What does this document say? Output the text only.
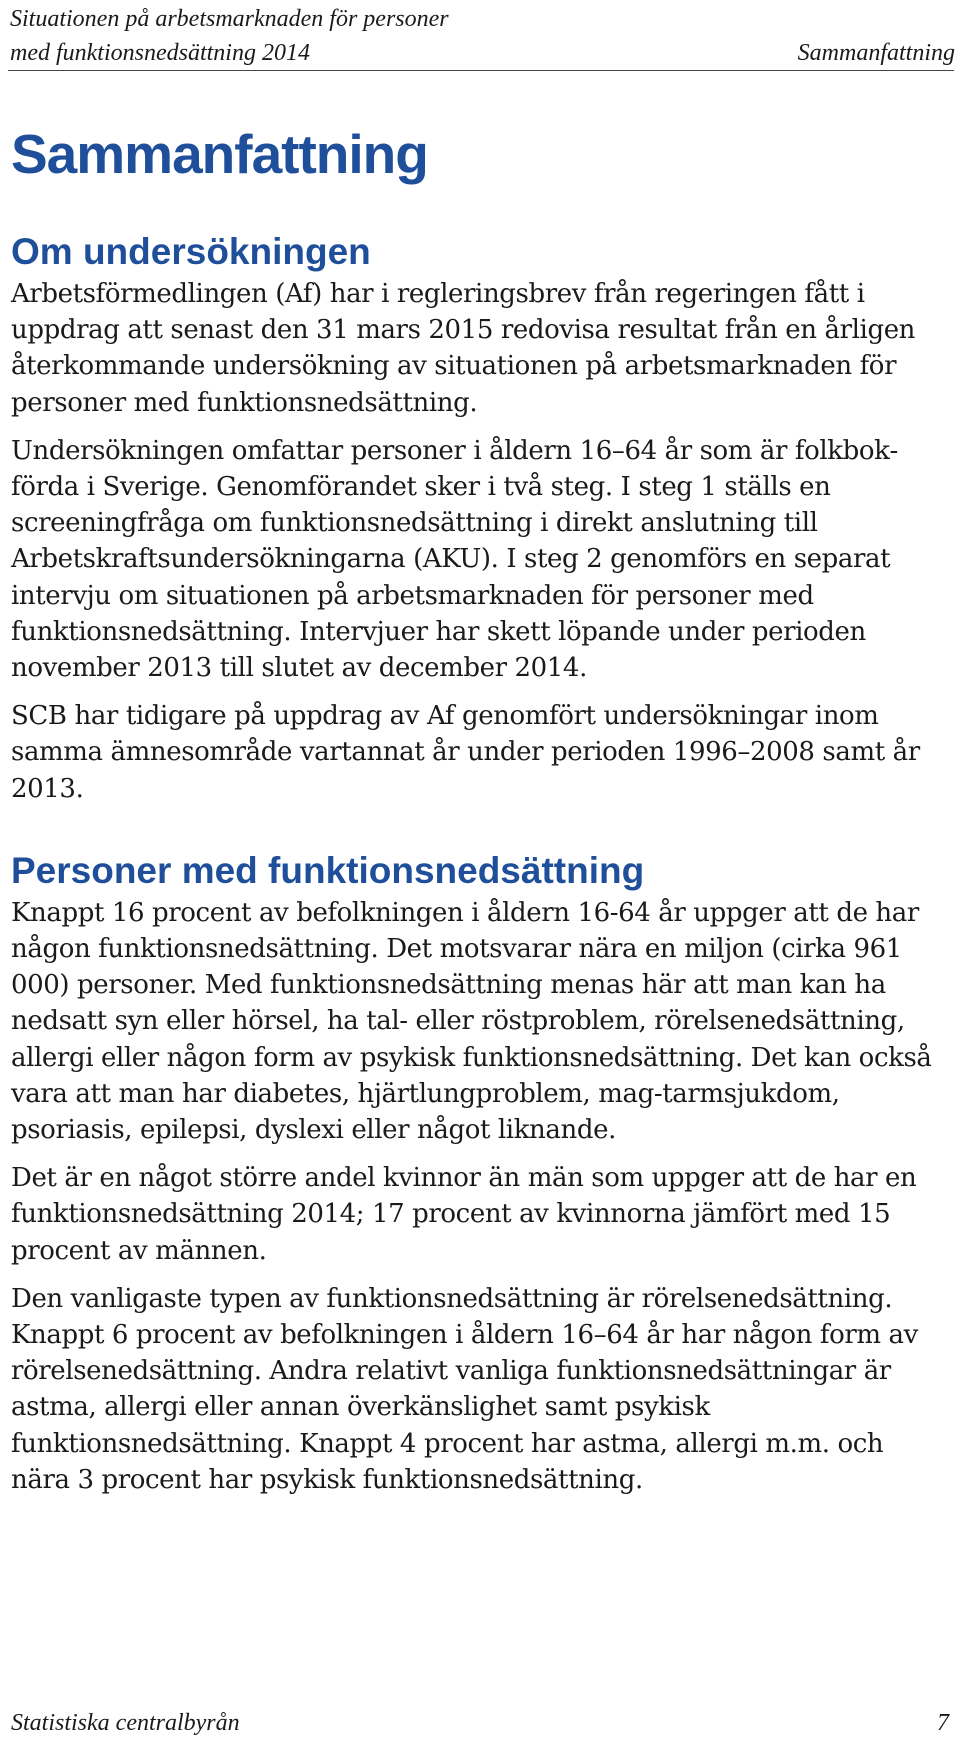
Situationen på arbetsmarknaden för personer
med funktionsnedsättning 2014	Sammanfattning
Sammanfattning
Om undersökningen

Arbetsförmedlingen (Af) har i regleringsbrev från regeringen fått i uppdrag att senast den 31 mars 2015 redovisa resultat från en årligen återkommande undersökning av situationen på arbetsmarknaden för personer med funktionsnedsättning.

Undersökningen omfattar personer i åldern 16–64 år som är folkbokförda i Sverige. Genomförandet sker i två steg. I steg 1 ställs en screeningfråga om funktionsnedsättning i direkt anslutning till Arbetskraftsundersökningarna (AKU). I steg 2 genomförs en separat intervju om situationen på arbetsmarknaden för personer med funktionsnedsättning. Intervjuer har skett löpande under perioden november 2013 till slutet av december 2014.

SCB har tidigare på uppdrag av Af genomfört undersökningar inom samma ämnesområde vartannat år under perioden 1996–2008 samt år 2013.

Personer med funktionsnedsättning

Knappt 16 procent av befolkningen i åldern 16-64 år uppger att de har någon funktionsnedsättning. Det motsvarar nära en miljon (cirka 961 000) personer. Med funktionsnedsättning menas här att man kan ha nedsatt syn eller hörsel, ha tal- eller röstproblem, rörelsenedsättning, allergi eller någon form av psykisk funktionsnedsättning. Det kan också vara att man har diabetes, hjärtlungproblem, mag-tarmsjukdom, psoriasis, epilepsi, dyslexi eller något liknande.

Det är en något större andel kvinnor än män som uppger att de har en funktionsnedsättning 2014; 17 procent av kvinnorna jämfört med 15 procent av männen.

Den vanligaste typen av funktionsnedsättning är rörelsenedsättning. Knappt 6 procent av befolkningen i åldern 16–64 år har någon form av rörelsenedsättning. Andra relativt vanliga funktionsnedsättningar är astma, allergi eller annan överkänslighet samt psykisk funktionsnedsättning. Knappt 4 procent har astma, allergi m.m. och nära 3 procent har psykisk funktionsnedsättning.

Statistiska centralbyrån	7
